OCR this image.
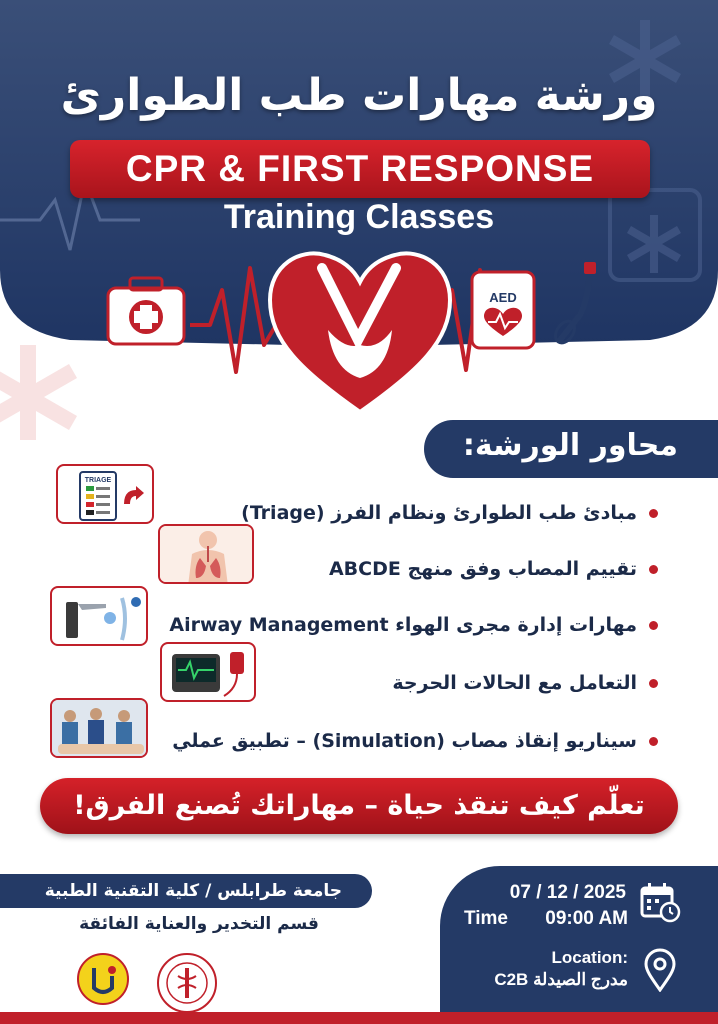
ورشة مهارات طب الطوارئ
CPR & FIRST RESPONSE
Training Classes
AED
محاور الورشة:
TRIAGE
مبادئ طب الطوارئ ونظام الفرز (Triage)
تقييم المصاب وفق منهج ABCDE
مهارات إدارة مجرى الهواء Airway Management
التعامل مع الحالات الحرجة
سيناريو إنقاذ مصاب (Simulation) – تطبيق عملي
تعلّم كيف تنقذ حياة – مهاراتك تُصنع الفرق!
جامعة طرابلس / كلية التقنية الطبية
قسم التخدير والعناية الفائقة
07 / 12 / 2025
Time 09:00 AM
Location:
مدرج الصيدلة C2B
